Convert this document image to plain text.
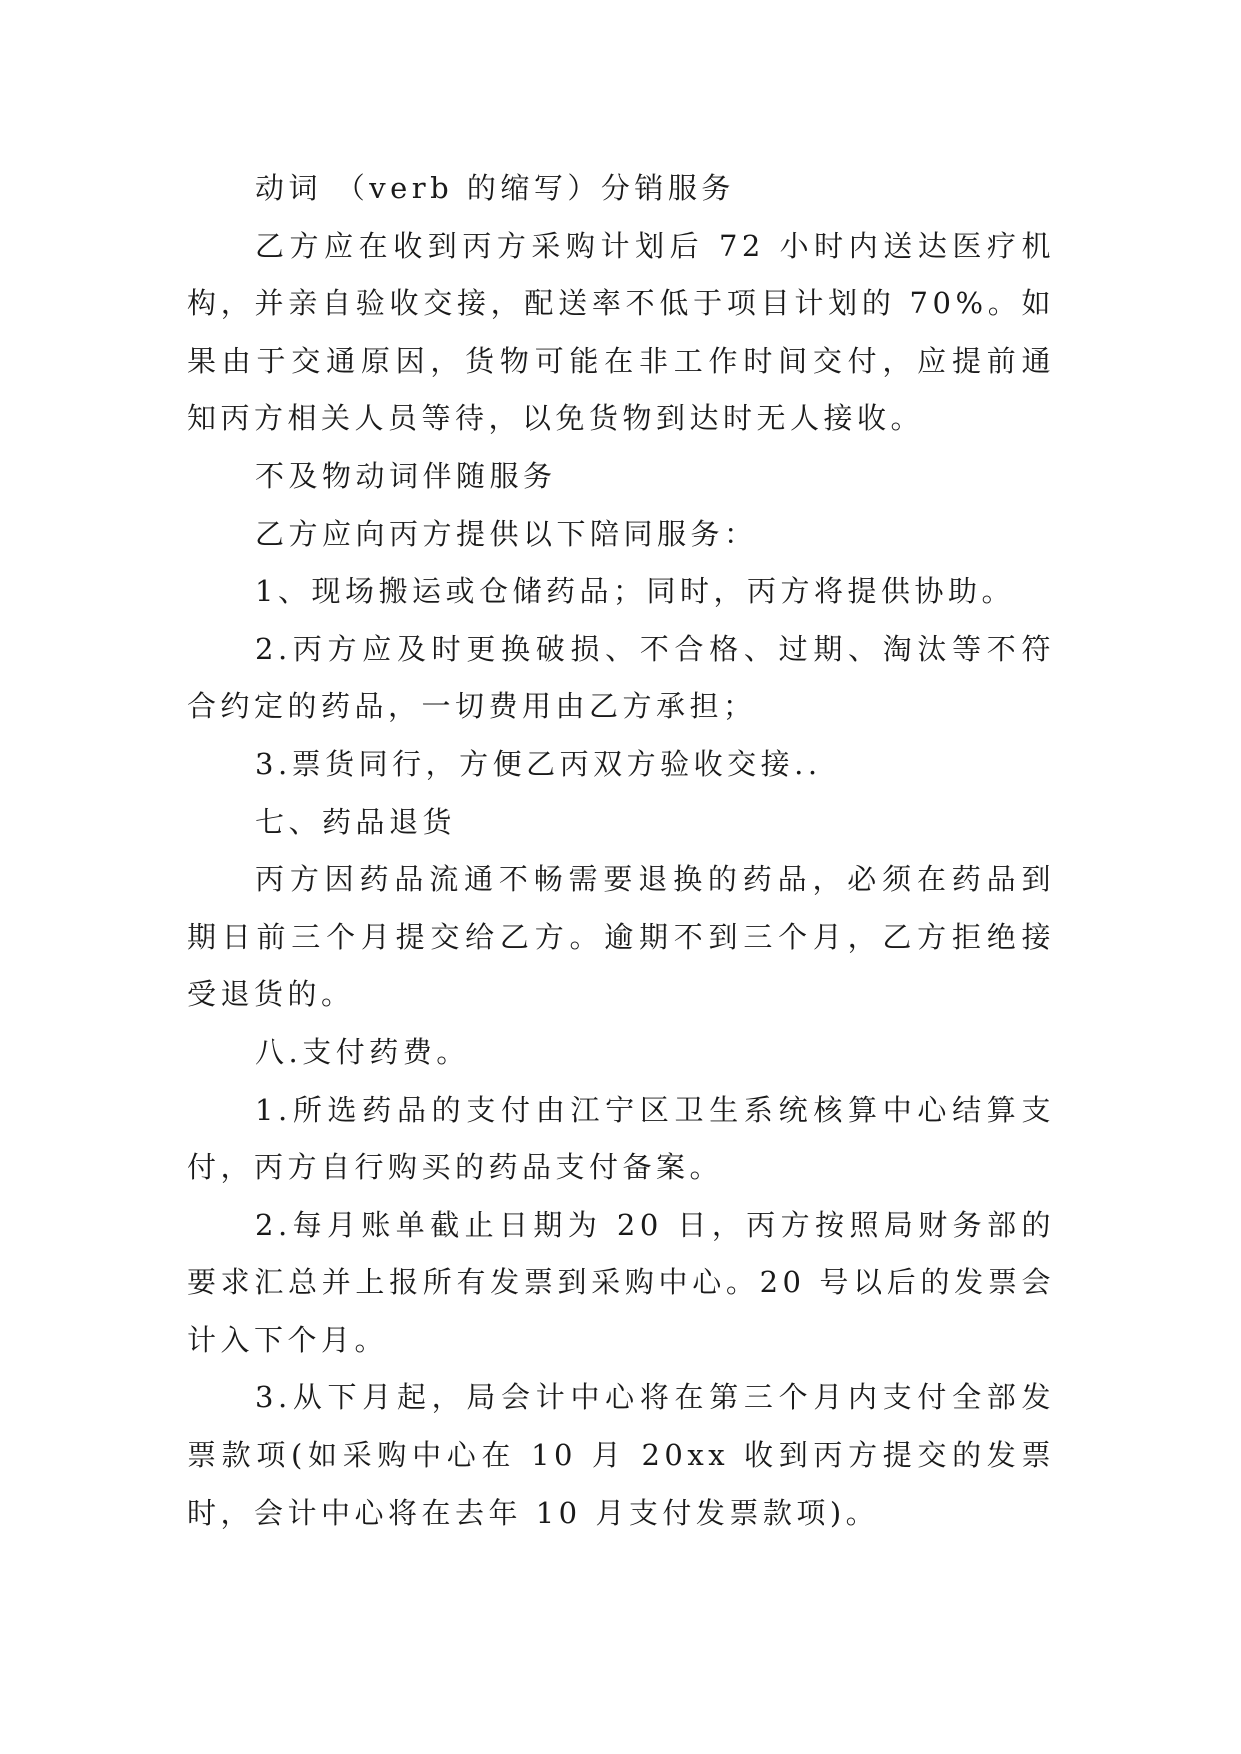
动词 （verb 的缩写）分销服务

乙方应在收到丙方采购计划后 72 小时内送达医疗机构，并亲自验收交接，配送率不低于项目计划的 70%。如果由于交通原因，货物可能在非工作时间交付，应提前通知丙方相关人员等待，以免货物到达时无人接收。

不及物动词伴随服务

乙方应向丙方提供以下陪同服务：

1、现场搬运或仓储药品；同时，丙方将提供协助。

2.丙方应及时更换破损、不合格、过期、淘汰等不符合约定的药品，一切费用由乙方承担；

3.票货同行，方便乙丙双方验收交接..

七、药品退货

丙方因药品流通不畅需要退换的药品，必须在药品到期日前三个月提交给乙方。逾期不到三个月，乙方拒绝接受退货的。

八.支付药费。

1.所选药品的支付由江宁区卫生系统核算中心结算支付，丙方自行购买的药品支付备案。

2.每月账单截止日期为 20 日，丙方按照局财务部的要求汇总并上报所有发票到采购中心。20 号以后的发票会计入下个月。

3.从下月起，局会计中心将在第三个月内支付全部发票款项(如采购中心在 10 月 20xx 收到丙方提交的发票时，会计中心将在去年 10 月支付发票款项)。
